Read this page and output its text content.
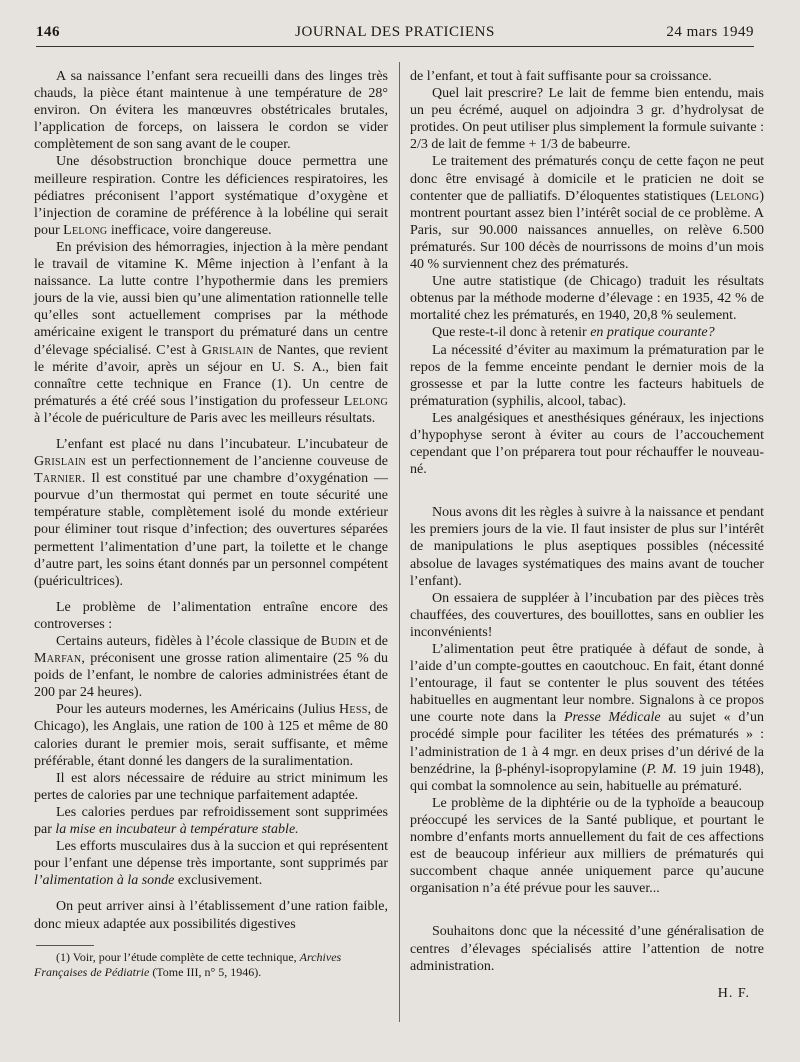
146	JOURNAL DES PRATICIENS	24 mars 1949

A sa naissance l’enfant sera recueilli dans des linges très chauds, la pièce étant maintenue à une température de 28° environ. On évitera les manœuvres obstétricales brutales, l’application de forceps, on laissera le cordon se vider complètement de son sang avant de le couper.

Une désobstruction bronchique douce permettra une meilleure respiration. Contre les déficiences respiratoires, les pédiatres préconisent l’apport systématique d’oxygène et l’injection de coramine de préférence à la lobéline qui serait pour Lelong inefficace, voire dangereuse.

En prévision des hémorragies, injection à la mère pendant le travail de vitamine K. Même injection à l’enfant à la naissance. La lutte contre l’hypothermie dans les premiers jours de la vie, aussi bien qu’une alimentation rationnelle telle qu’elles sont actuellement comprises par la méthode américaine exigent le transport du prématuré dans un centre d’élevage spécialisé. C’est à Grislain de Nantes, que revient le mérite d’avoir, après un séjour en U. S. A., bien fait connaître cette technique en France (1). Un centre de prématurés a été créé sous l’instigation du professeur Lelong à l’école de puériculture de Paris avec les meilleurs résultats.

L’enfant est placé nu dans l’incubateur. L’incubateur de Grislain est un perfectionnement de l’ancienne couveuse de Tarnier. Il est constitué par une chambre d’oxygénation — pourvue d’un thermostat qui permet en toute sécurité une température stable, complètement isolé du monde extérieur pour éliminer tout risque d’infection; des ouvertures séparées permettent l’alimentation d’une part, la toilette et le change d’autre part, les soins étant donnés par un personnel compétent (puéricultrices).

Le problème de l’alimentation entraîne encore des controverses :

Certains auteurs, fidèles à l’école classique de Budin et de Marfan, préconisent une grosse ration alimentaire (25 % du poids de l’enfant, le nombre de calories administrées étant de 200 par 24 heures).

Pour les auteurs modernes, les Américains (Julius Hess, de Chicago), les Anglais, une ration de 100 à 125 et même de 80 calories durant le premier mois, serait suffisante, et même préférable, étant donné les dangers de la suralimentation.

Il est alors nécessaire de réduire au strict minimum les pertes de calories par une technique parfaitement adaptée.

Les calories perdues par refroidissement sont supprimées par la mise en incubateur à température stable.

Les efforts musculaires dus à la succion et qui représentent pour l’enfant une dépense très importante, sont supprimés par l’alimentation à la sonde exclusivement.

On peut arriver ainsi à l’établissement d’une ration faible, donc mieux adaptée aux possibilités digestives

(1) Voir, pour l’étude complète de cette technique, Archives Françaises de Pédiatrie (Tome III, n° 5, 1946).

de l’enfant, et tout à fait suffisante pour sa croissance.

Quel lait prescrire? Le lait de femme bien entendu, mais un peu écrémé, auquel on adjoindra 3 gr. d’hydrolysat de protides. On peut utiliser plus simplement la formule suivante : 2/3 de lait de femme + 1/3 de babeurre.

Le traitement des prématurés conçu de cette façon ne peut donc être envisagé à domicile et le praticien ne doit se contenter que de palliatifs. D’éloquentes statistiques (Lelong) montrent pourtant assez bien l’intérêt social de ce problème. A Paris, sur 90.000 naissances annuelles, on relève 6.500 prématurés. Sur 100 décès de nourrissons de moins d’un mois 40 % surviennent chez des prématurés.

Une autre statistique (de Chicago) traduit les résultats obtenus par la méthode moderne d’élevage : en 1935, 42 % de mortalité chez les prématurés, en 1940, 20,8 % seulement.

Que reste-t-il donc à retenir en pratique courante?

La nécessité d’éviter au maximum la prématuration par le repos de la femme enceinte pendant le dernier mois de la grossesse et par la lutte contre les facteurs habituels de prématuration (syphilis, alcool, tabac).

Les analgésiques et anesthésiques généraux, les injections d’hypophyse seront à éviter au cours de l’accouchement cependant que l’on préparera tout pour réchauffer le nouveau-né.

Nous avons dit les règles à suivre à la naissance et pendant les premiers jours de la vie. Il faut insister de plus sur l’intérêt de manipulations le plus aseptiques possibles (nécessité absolue de lavages systématiques des mains avant de toucher l’enfant).

On essaiera de suppléer à l’incubation par des pièces très chauffées, des couvertures, des bouillottes, sans en oublier les inconvénients!

L’alimentation peut être pratiquée à défaut de sonde, à l’aide d’un compte-gouttes en caoutchouc. En fait, étant donné l’entourage, il faut se contenter le plus souvent des tétées habituelles en augmentant leur nombre. Signalons à ce propos une courte note dans la Presse Médicale au sujet « d’un procédé simple pour faciliter les tétées des prématurés » : l’administration de 1 à 4 mgr. en deux prises d’un dérivé de la benzédrine, la β-phényl-isopropylamine (P. M. 19 juin 1948), qui combat la somnolence au sein, habituelle au prématuré.

Le problème de la diphtérie ou de la typhoïde a beaucoup préoccupé les services de la Santé publique, et pourtant le nombre d’enfants morts annuellement du fait de ces affections est de beaucoup inférieur aux milliers de prématurés qui succombent chaque année uniquement parce qu’aucune organisation n’a été prévue pour les sauver...

Souhaitons donc que la nécessité d’une généralisation de centres d’élevages spécialisés attire l’attention de notre administration.

H. F.
